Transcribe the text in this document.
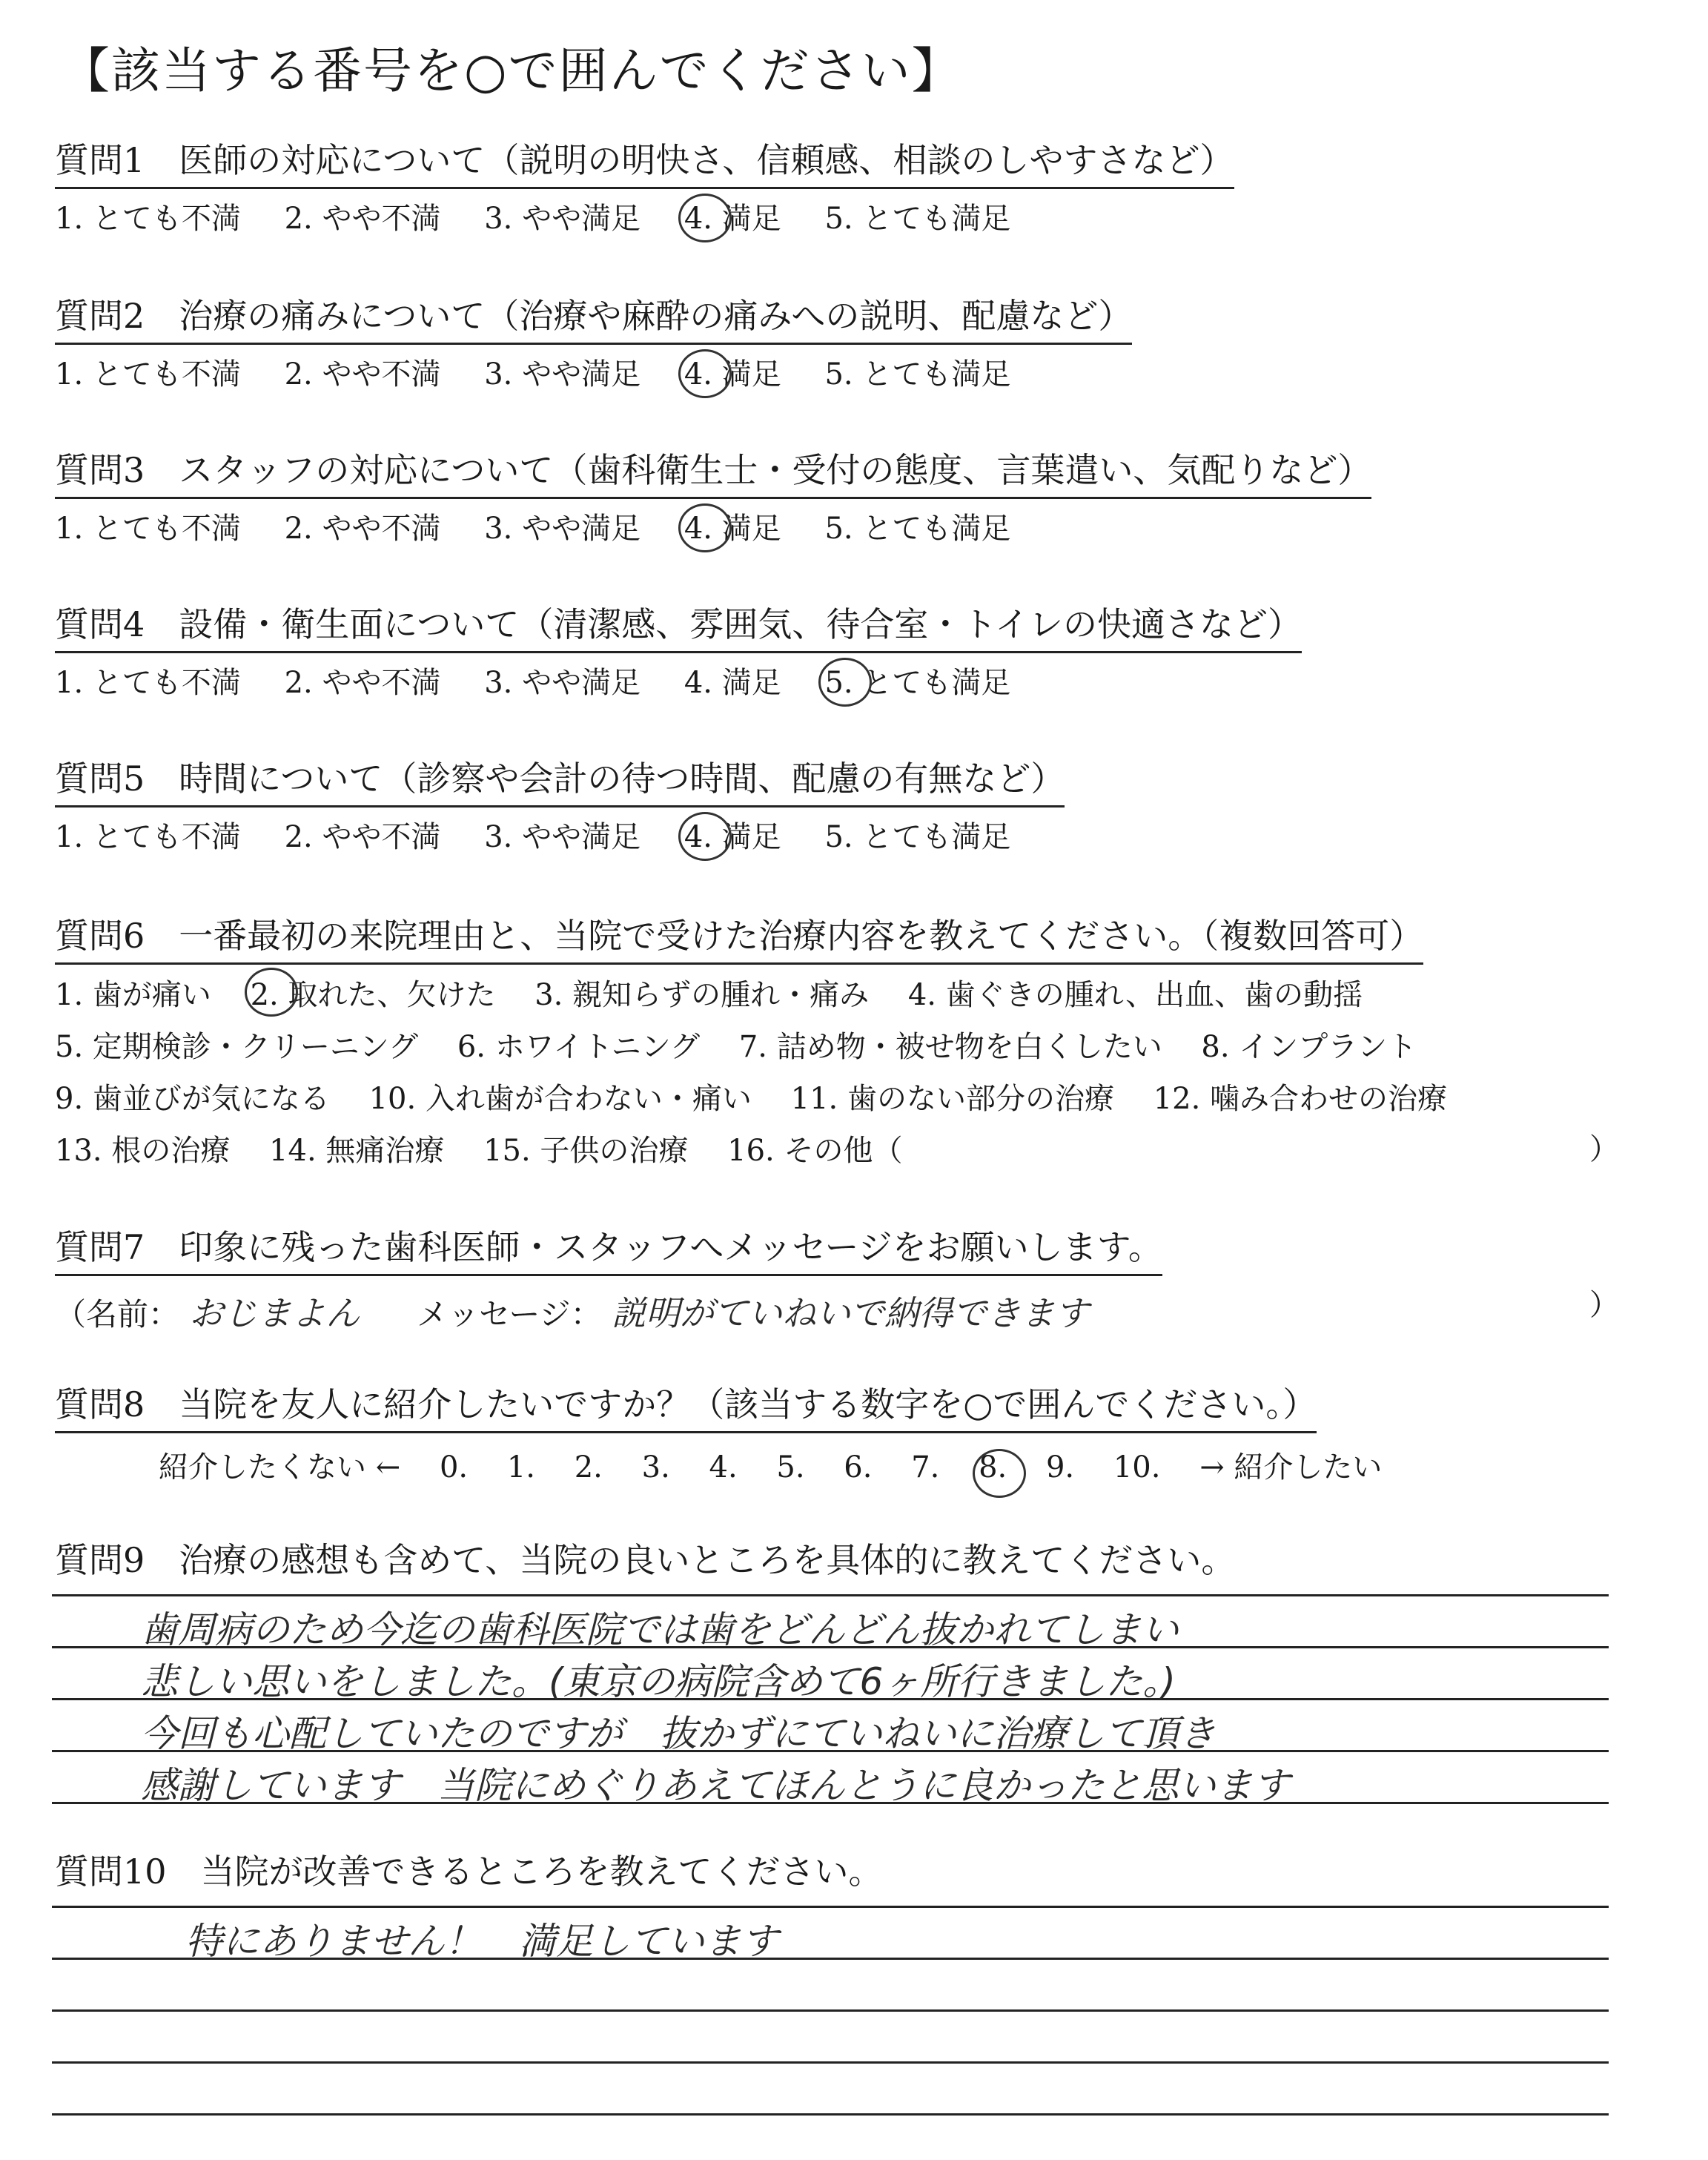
【該当する番号を○で囲んでください】
質問1　医師の対応について（説明の明快さ、信頼感、相談のしやすさなど）
1. とても不満 2. やや不満 3. やや満足 4. 満足 5. とても満足
質問2　治療の痛みについて（治療や麻酔の痛みへの説明、配慮など）
1. とても不満 2. やや不満 3. やや満足 4. 満足 5. とても満足
質問3　スタッフの対応について（歯科衛生士・受付の態度、言葉遣い、気配りなど）
1. とても不満 2. やや不満 3. やや満足 4. 満足 5. とても満足
質問4　設備・衛生面について（清潔感、雰囲気、待合室・トイレの快適さなど）
1. とても不満 2. やや不満 3. やや満足 4. 満足 5. とても満足
質問5　時間について（診察や会計の待つ時間、配慮の有無など）
1. とても不満 2. やや不満 3. やや満足 4. 満足 5. とても満足
質問6　一番最初の来院理由と、当院で受けた治療内容を教えてください。（複数回答可）
1. 歯が痛い 2. 取れた、欠けた 3. 親知らずの腫れ・痛み 4. 歯ぐきの腫れ、出血、歯の動揺
5. 定期検診・クリーニング 6. ホワイトニング 7. 詰め物・被せ物を白くしたい 8. インプラント
9. 歯並びが気になる 10. 入れ歯が合わない・痛い 11. 歯のない部分の治療 12. 噛み合わせの治療
13. 根の治療 14. 無痛治療 15. 子供の治療 16. その他（	）
質問7　印象に残った歯科医師・スタッフへメッセージをお願いします。
（名前： おじまよん メッセージ： 説明がていねいで納得できます	）
質問8　当院を友人に紹介したいですか？（該当する数字を○で囲んでください。）
紹介したくない ← 0. 1. 2. 3. 4. 5. 6. 7. 8. 9. 10. → 紹介したい
質問9　治療の感想も含めて、当院の良いところを具体的に教えてください。
歯周病のため今迄の歯科医院では歯をどんどん抜かれてしまい
悲しい思いをしました。(東京の病院含めて6ヶ所行きました。)
今回も心配していたのですが　抜かずにていねいに治療して頂き
感謝しています　当院にめぐりあえてほんとうに良かったと思います
質問10　当院が改善できるところを教えてください。
特にありません！　満足しています
